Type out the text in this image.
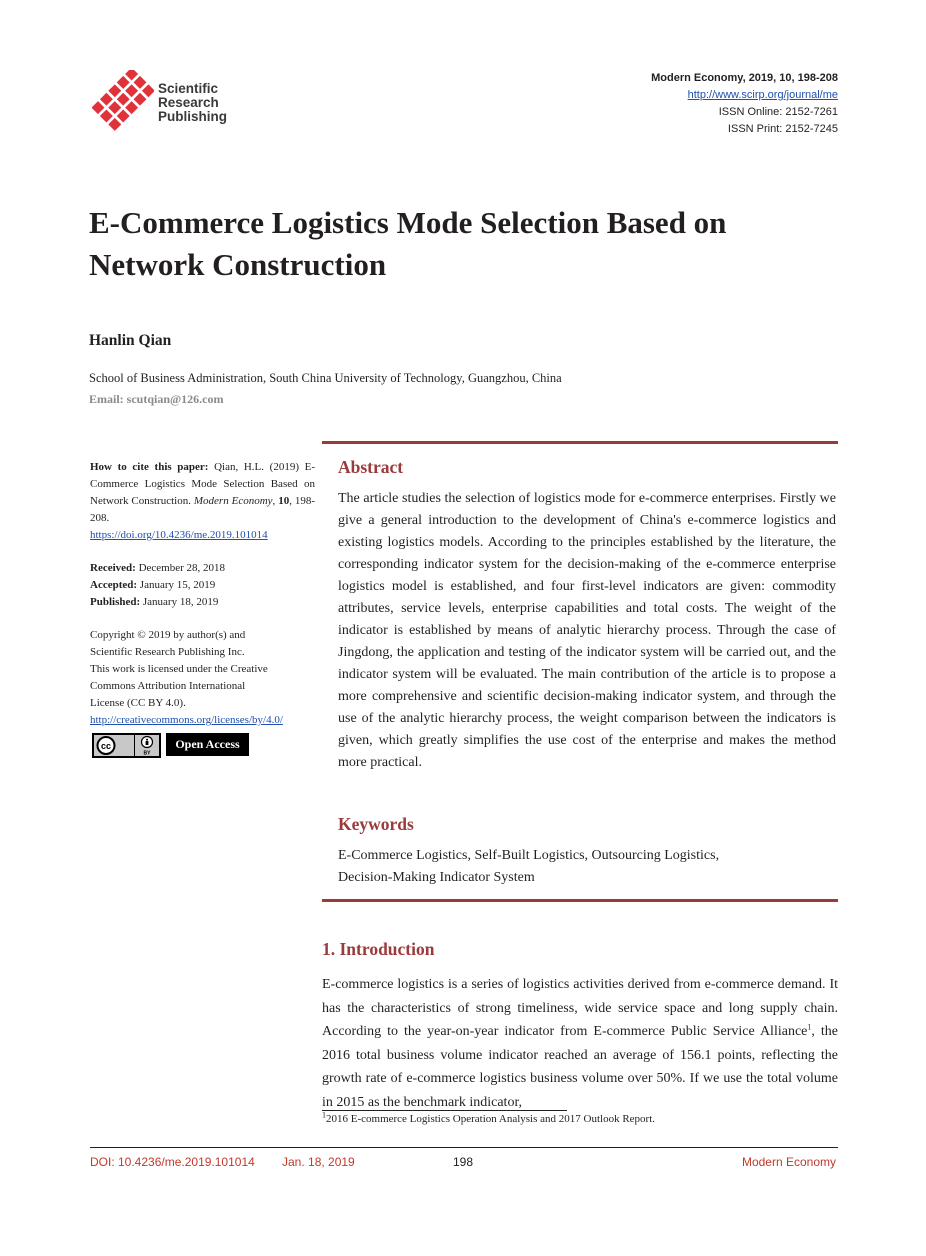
Scientific
Research
Publishing
Modern Economy, 2019, 10, 198-208
http://www.scirp.org/journal/me
ISSN Online: 2152-7261
ISSN Print: 2152-7245
E-Commerce Logistics Mode Selection Based on
Network Construction
Hanlin Qian
School of Business Administration, South China University of Technology, Guangzhou, China
Email: scutqian@126.com
How to cite this paper: Qian, H.L. (2019) E-Commerce Logistics Mode Selection Based on Network Construction. Modern Economy, 10, 198-208.
https://doi.org/10.4236/me.2019.101014
Received: December 28, 2018
Accepted: January 15, 2019
Published: January 18, 2019
Copyright © 2019 by author(s) and
Scientific Research Publishing Inc.
This work is licensed under the Creative
Commons Attribution International
License (CC BY 4.0).
http://creativecommons.org/licenses/by/4.0/
cc
BY
Open Access
Abstract
The article studies the selection of logistics mode for e-commerce enterprises. Firstly we give a general introduction to the development of China's e-commerce logistics and existing logistics models. According to the principles established by the literature, the corresponding indicator system for the decision-making of the e-commerce enterprise logistics model is established, and four first-level indicators are given: commodity attributes, service levels, enterprise capabilities and total costs. The weight of the indicator is established by means of analytic hierarchy process. Through the case of Jingdong, the application and testing of the indicator system will be carried out, and the indicator system will be evaluated. The main contribution of the article is to propose a more comprehensive and scientific decision-making indicator system, and through the use of the analytic hierarchy process, the weight comparison between the indicators is given, which greatly simplifies the use cost of the enterprise and makes the method more practical.
Keywords
E-Commerce Logistics, Self-Built Logistics, Outsourcing Logistics,
Decision-Making Indicator System
1. Introduction
E-commerce logistics is a series of logistics activities derived from e-commerce demand. It has the characteristics of strong timeliness, wide service space and long supply chain. According to the year-on-year indicator from E-commerce Public Service Alliance$^1$, the 2016 total business volume indicator reached an average of 156.1 points, reflecting the growth rate of e-commerce logistics business volume over 50%. If we use the total volume in 2015 as the benchmark indicator,
$^1$2016 E-commerce Logistics Operation Analysis and 2017 Outlook Report.
DOI: 10.4236/me.2019.101014 Jan. 18, 2019	198	Modern Economy
